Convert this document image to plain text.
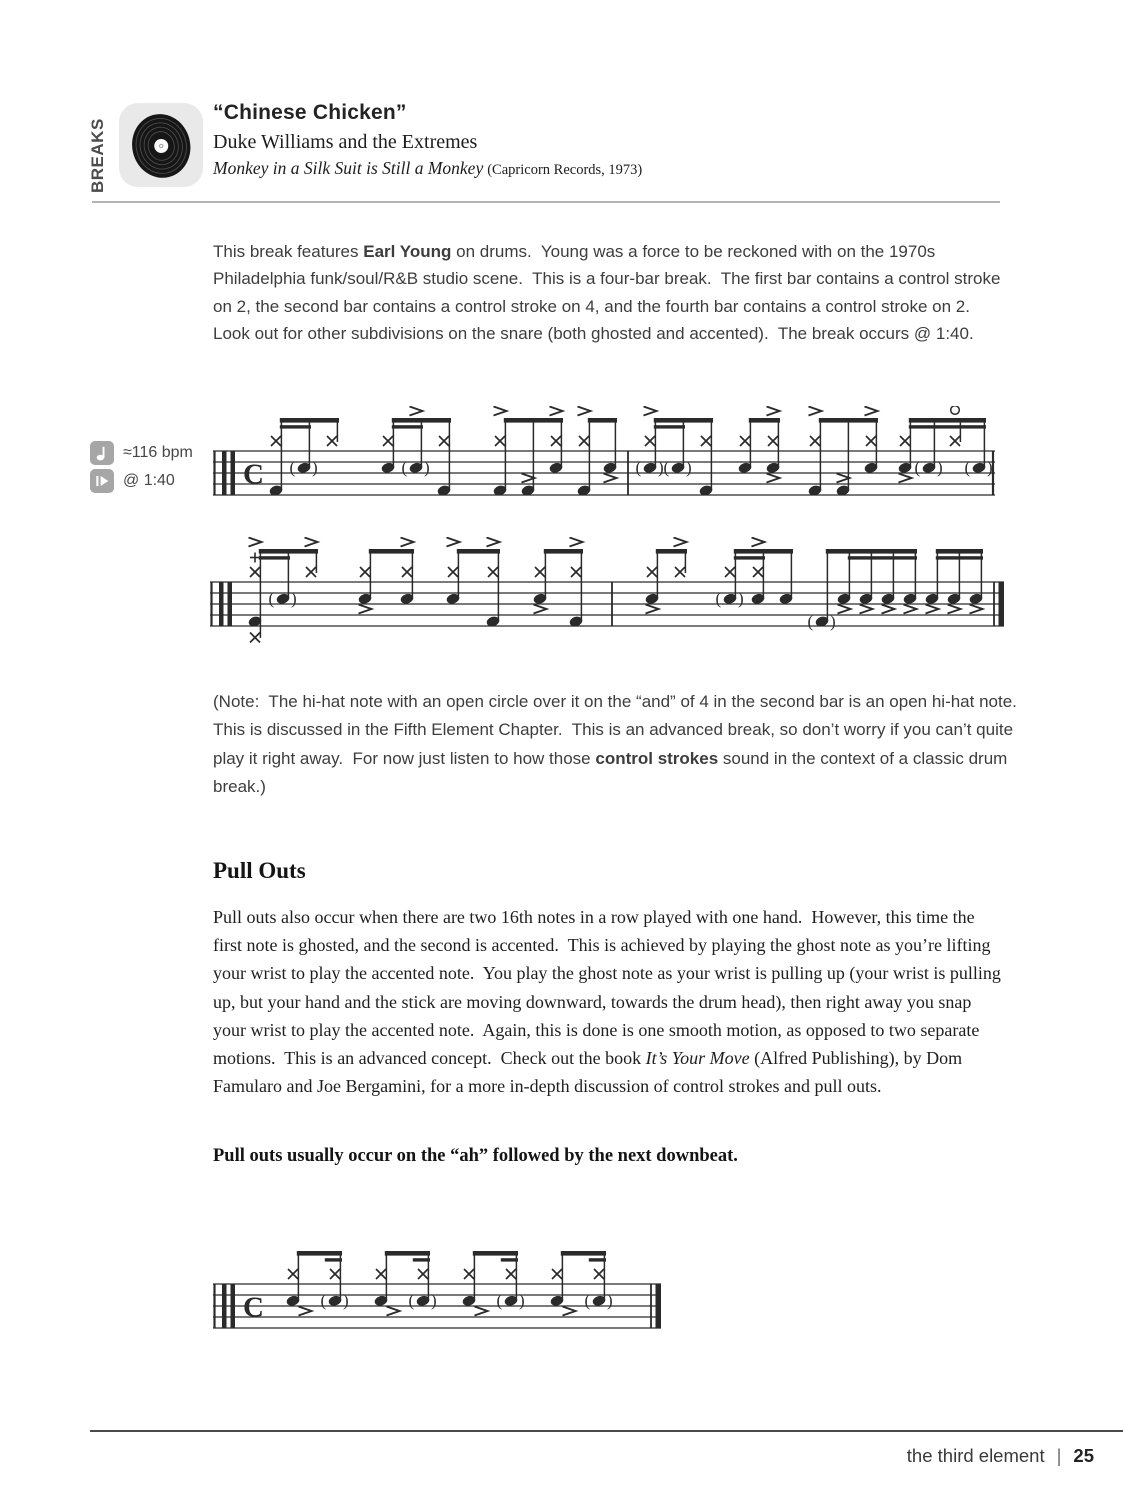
BREAKS
“Chinese Chicken”
Duke Williams and the Extremes
Monkey in a Silk Suit is Still a Monkey (Capricorn Records, 1973)

This break features Earl Young on drums.  Young was a force to be reckoned with on the 1970s Philadelphia funk/soul/R&B studio scene.  This is a four-bar break.  The first bar contains a control stroke on 2, the second bar contains a control stroke on 4, and the fourth bar contains a control stroke on 2.  Look out for other subdivisions on the snare (both ghosted and accented).  The break occurs @ 1:40.

≈116 bpm
@ 1:40 C ( )	( )	( ) ( )	( ) ( )
( )	( )
( )

(Note:  The hi-hat note with an open circle over it on the “and” of 4 in the second bar is an open hi-hat note.  This is discussed in the Fifth Element Chapter.  This is an advanced break, so don’t worry if you can’t quite play it right away.  For now just listen to how those control strokes sound in the context of a classic drum break.)

Pull Outs

Pull outs also occur when there are two 16th notes in a row played with one hand.  However, this time the first note is ghosted, and the second is accented.  This is achieved by playing the ghost note as you’re lifting your wrist to play the accented note.  You play the ghost note as your wrist is pulling up (your wrist is pulling up, but your hand and the stick are moving downward, towards the drum head), then right away you snap your wrist to play the accented note.  Again, this is done is one smooth motion, as opposed to two separate motions.  This is an advanced concept.  Check out the book It’s Your Move (Alfred Publishing), by Dom Famularo and Joe Bergamini, for a more in-depth discussion of control strokes and pull outs.

Pull outs usually occur on the “ah” followed by the next downbeat.

C	( )	( )	( )	( )
the third element | 25
